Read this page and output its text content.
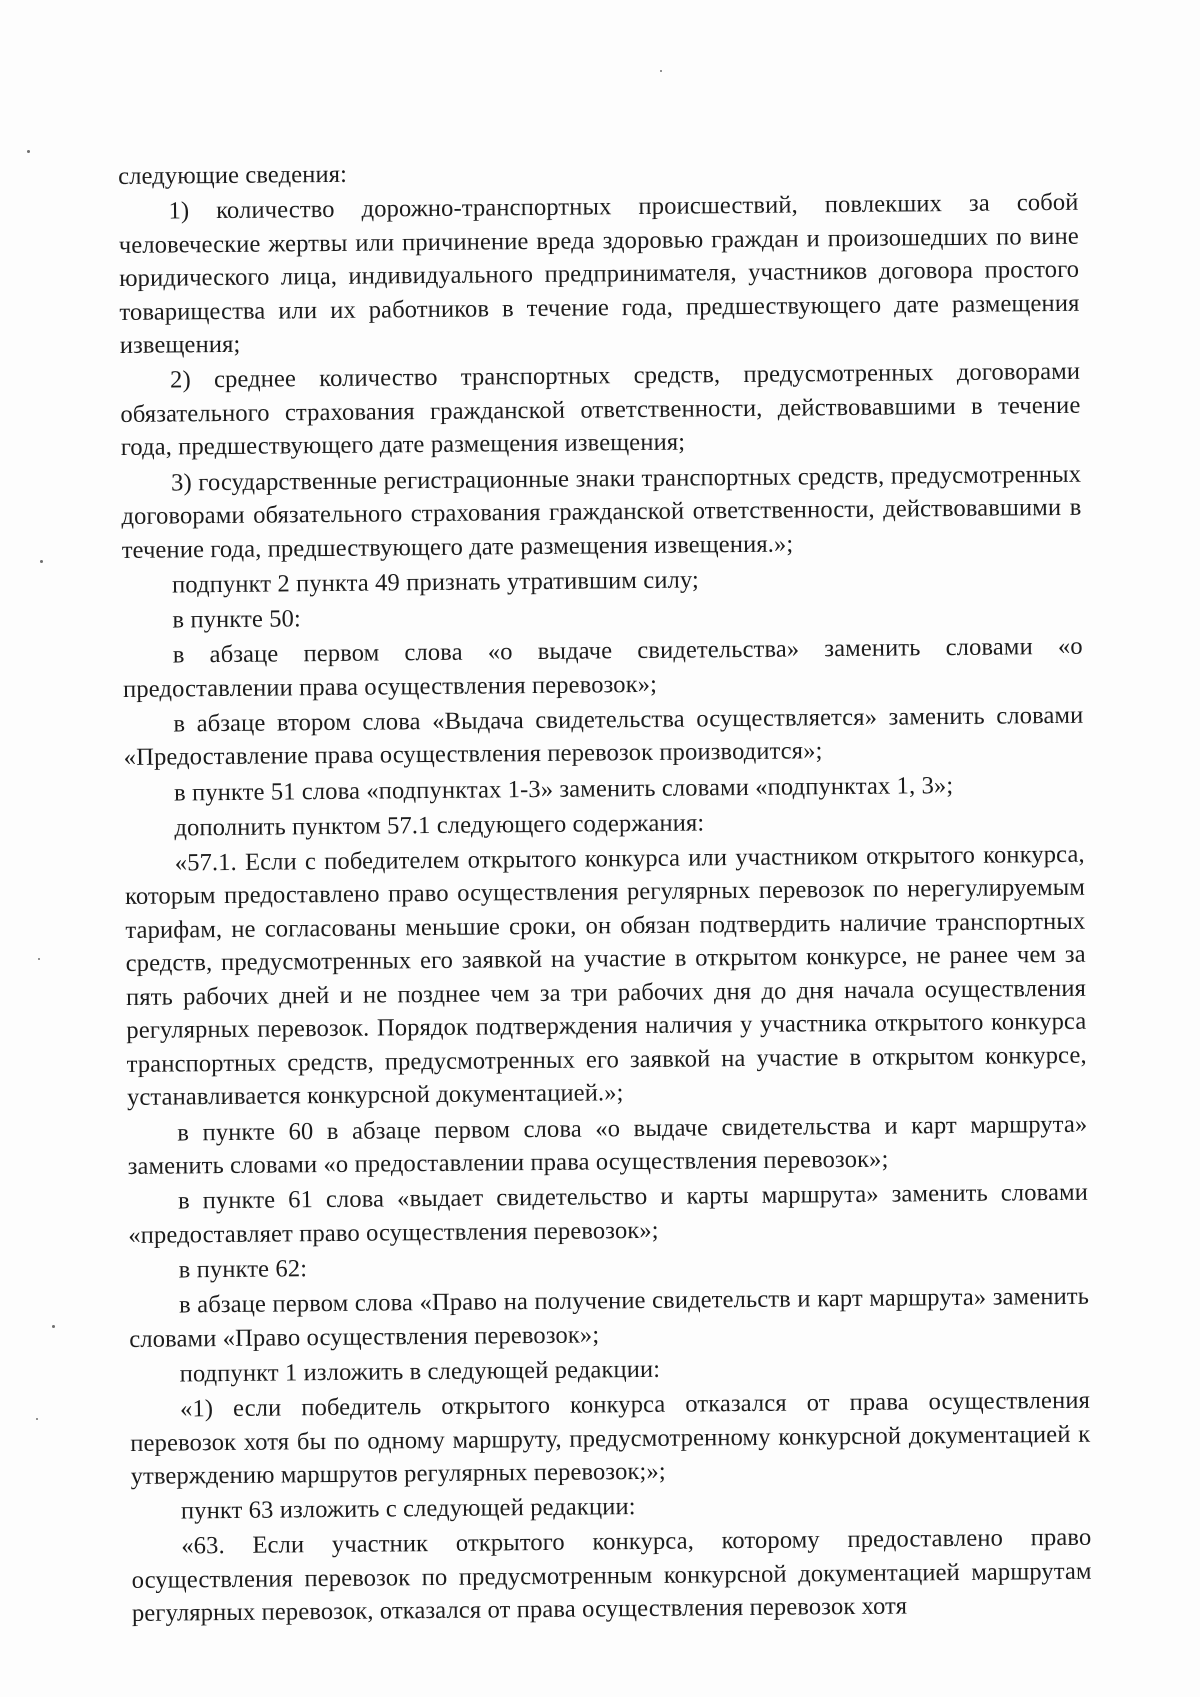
следующие сведения:

1) количество дорожно-транспортных происшествий, повлекших за собой человеческие жертвы или причинение вреда здоровью граждан и произошедших по вине юридического лица, индивидуального предпринимателя, участников договора простого товарищества или их работников в течение года, предшествующего дате размещения извещения;

2) среднее количество транспортных средств, предусмотренных договорами обязательного страхования гражданской ответственности, действовавшими в течение года, предшествующего дате размещения извещения;

3) государственные регистрационные знаки транспортных средств, предусмотренных договорами обязательного страхования гражданской ответственности, действовавшими в течение года, предшествующего дате размещения извещения.»;

подпункт 2 пункта 49 признать утратившим силу;

в пункте 50:

в абзаце первом слова «о выдаче свидетельства» заменить словами «о предоставлении права осуществления перевозок»;

в абзаце втором слова «Выдача свидетельства осуществляется» заменить словами «Предоставление права осуществления перевозок производится»;

в пункте 51 слова «подпунктах 1-3» заменить словами «подпунктах 1, 3»;

дополнить пунктом 57.1 следующего содержания:

«57.1. Если с победителем открытого конкурса или участником открытого конкурса, которым предоставлено право осуществления регулярных перевозок по нерегулируемым тарифам, не согласованы меньшие сроки, он обязан подтвердить наличие транспортных средств, предусмотренных его заявкой на участие в открытом конкурсе, не ранее чем за пять рабочих дней и не позднее чем за три рабочих дня до дня начала осуществления регулярных перевозок. Порядок подтверждения наличия у участника открытого конкурса транспортных средств, предусмотренных его заявкой на участие в открытом конкурсе, устанавливается конкурсной документацией.»;

в пункте 60 в абзаце первом слова «о выдаче свидетельства и карт маршрута» заменить словами «о предоставлении права осуществления перевозок»;

в пункте 61 слова «выдает свидетельство и карты маршрута» заменить словами «предоставляет право осуществления перевозок»;

в пункте 62:

в абзаце первом слова «Право на получение свидетельств и карт маршрута» заменить словами «Право осуществления перевозок»;

подпункт 1 изложить в следующей редакции:

«1) если победитель открытого конкурса отказался от права осуществления перевозок хотя бы по одному маршруту, предусмотренному конкурсной документацией к утверждению маршрутов регулярных перевозок;»;

пункт 63 изложить с следующей редакции:

«63. Если участник открытого конкурса, которому предоставлено право осуществления перевозок по предусмотренным конкурсной документацией маршрутам регулярных перевозок, отказался от права осуществления перевозок хотя
